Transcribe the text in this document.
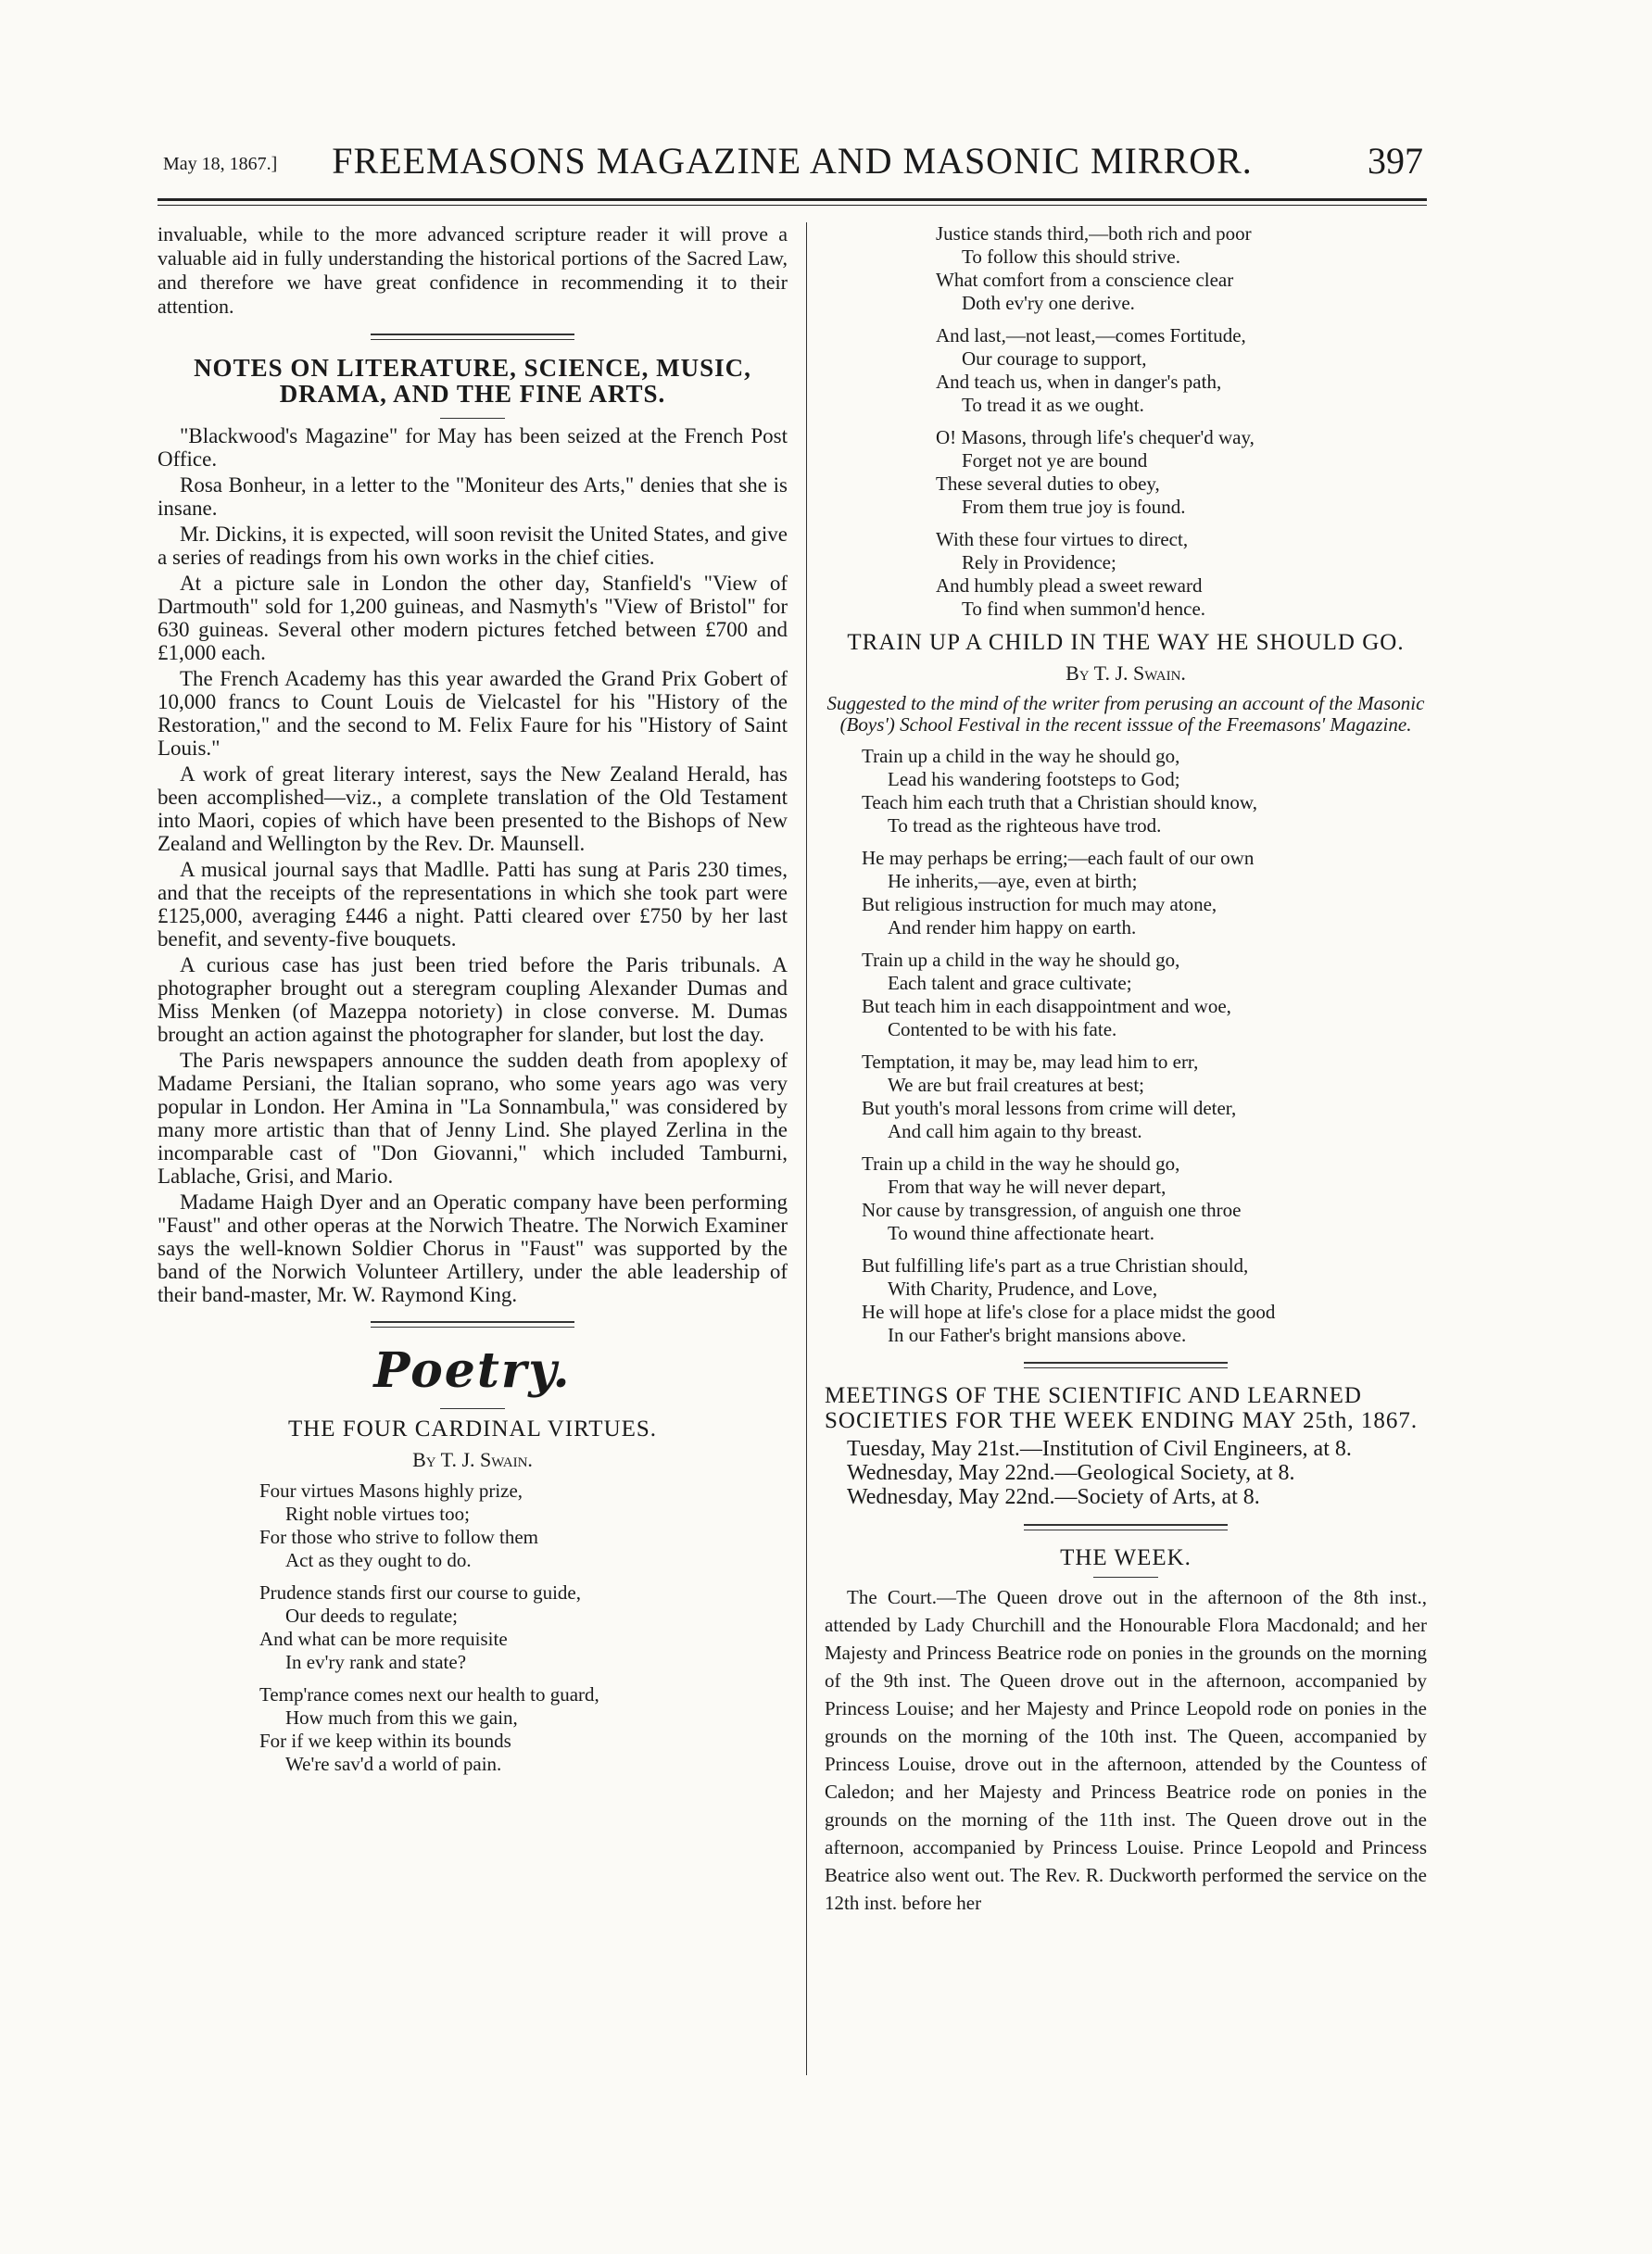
May 18, 1867.]	FREEMASONS MAGAZINE AND MASONIC MIRROR.	397

invaluable, while to the more advanced scripture reader it will prove a valuable aid in fully understanding the historical portions of the Sacred Law, and therefore we have great confidence in recommending it to their attention.

NOTES ON LITERATURE, SCIENCE, MUSIC, DRAMA, AND THE FINE ARTS.

"Blackwood's Magazine" for May has been seized at the French Post Office.

Rosa Bonheur, in a letter to the "Moniteur des Arts," denies that she is insane.

Mr. Dickins, it is expected, will soon revisit the United States, and give a series of readings from his own works in the chief cities.

At a picture sale in London the other day, Stanfield's "View of Dartmouth" sold for 1,200 guineas, and Nasmyth's "View of Bristol" for 630 guineas. Several other modern pictures fetched between £700 and £1,000 each.

The French Academy has this year awarded the Grand Prix Gobert of 10,000 francs to Count Louis de Vielcastel for his "History of the Restoration," and the second to M. Felix Faure for his "History of Saint Louis."

A work of great literary interest, says the New Zealand Herald, has been accomplished—viz., a complete translation of the Old Testament into Maori, copies of which have been presented to the Bishops of New Zealand and Wellington by the Rev. Dr. Maunsell.

A musical journal says that Madlle. Patti has sung at Paris 230 times, and that the receipts of the representations in which she took part were £125,000, averaging £446 a night. Patti cleared over £750 by her last benefit, and seventy-five bouquets.

A curious case has just been tried before the Paris tribunals. A photographer brought out a steregram coupling Alexander Dumas and Miss Menken (of Mazeppa notoriety) in close converse. M. Dumas brought an action against the photographer for slander, but lost the day.

The Paris newspapers announce the sudden death from apoplexy of Madame Persiani, the Italian soprano, who some years ago was very popular in London. Her Amina in "La Sonnambula," was considered by many more artistic than that of Jenny Lind. She played Zerlina in the incomparable cast of "Don Giovanni," which included Tamburni, Lablache, Grisi, and Mario.

Madame Haigh Dyer and an Operatic company have been performing "Faust" and other operas at the Norwich Theatre. The Norwich Examiner says the well-known Soldier Chorus in "Faust" was supported by the band of the Norwich Volunteer Artillery, under the able leadership of their band-master, Mr. W. Raymond King.

Poetry.
THE FOUR CARDINAL VIRTUES.
By T. J. Swain.
Four virtues Masons highly prize,
Right noble virtues too;
For those who strive to follow them
Act as they ought to do.
Prudence stands first our course to guide,
Our deeds to regulate;
And what can be more requisite
In ev'ry rank and state?
Temp'rance comes next our health to guard,
How much from this we gain,
For if we keep within its bounds
We're sav'd a world of pain.
Justice stands third,—both rich and poor
To follow this should strive.
What comfort from a conscience clear
Doth ev'ry one derive.
And last,—not least,—comes Fortitude,
Our courage to support,
And teach us, when in danger's path,
To tread it as we ought.
O! Masons, through life's chequer'd way,
Forget not ye are bound
These several duties to obey,
From them true joy is found.
With these four virtues to direct,
Rely in Providence;
And humbly plead a sweet reward
To find when summon'd hence.
TRAIN UP A CHILD IN THE WAY HE SHOULD GO.
By T. J. Swain.
Suggested to the mind of the writer from perusing an account of the Masonic (Boys') School Festival in the recent isssue of the Freemasons' Magazine.
Train up a child in the way he should go,
Lead his wandering footsteps to God;
Teach him each truth that a Christian should know,
To tread as the righteous have trod.
He may perhaps be erring;—each fault of our own
He inherits,—aye, even at birth;
But religious instruction for much may atone,
And render him happy on earth.
Train up a child in the way he should go,
Each talent and grace cultivate;
But teach him in each disappointment and woe,
Contented to be with his fate.
Temptation, it may be, may lead him to err,
We are but frail creatures at best;
But youth's moral lessons from crime will deter,
And call him again to thy breast.
Train up a child in the way he should go,
From that way he will never depart,
Nor cause by transgression, of anguish one throe
To wound thine affectionate heart.
But fulfilling life's part as a true Christian should,
With Charity, Prudence, and Love,
He will hope at life's close for a place midst the good
In our Father's bright mansions above.
MEETINGS OF THE SCIENTIFIC AND LEARNED SOCIETIES FOR THE WEEK ENDING MAY 25th, 1867.

Tuesday, May 21st.—Institution of Civil Engineers, at 8.

Wednesday, May 22nd.—Geological Society, at 8.

Wednesday, May 22nd.—Society of Arts, at 8.

THE WEEK.

The Court.—The Queen drove out in the afternoon of the 8th inst., attended by Lady Churchill and the Honourable Flora Macdonald; and her Majesty and Princess Beatrice rode on ponies in the grounds on the morning of the 9th inst. The Queen drove out in the afternoon, accompanied by Princess Louise; and her Majesty and Prince Leopold rode on ponies in the grounds on the morning of the 10th inst. The Queen, accompanied by Princess Louise, drove out in the afternoon, attended by the Countess of Caledon; and her Majesty and Princess Beatrice rode on ponies in the grounds on the morning of the 11th inst. The Queen drove out in the afternoon, accompanied by Princess Louise. Prince Leopold and Princess Beatrice also went out. The Rev. R. Duckworth performed the service on the 12th inst. before her
